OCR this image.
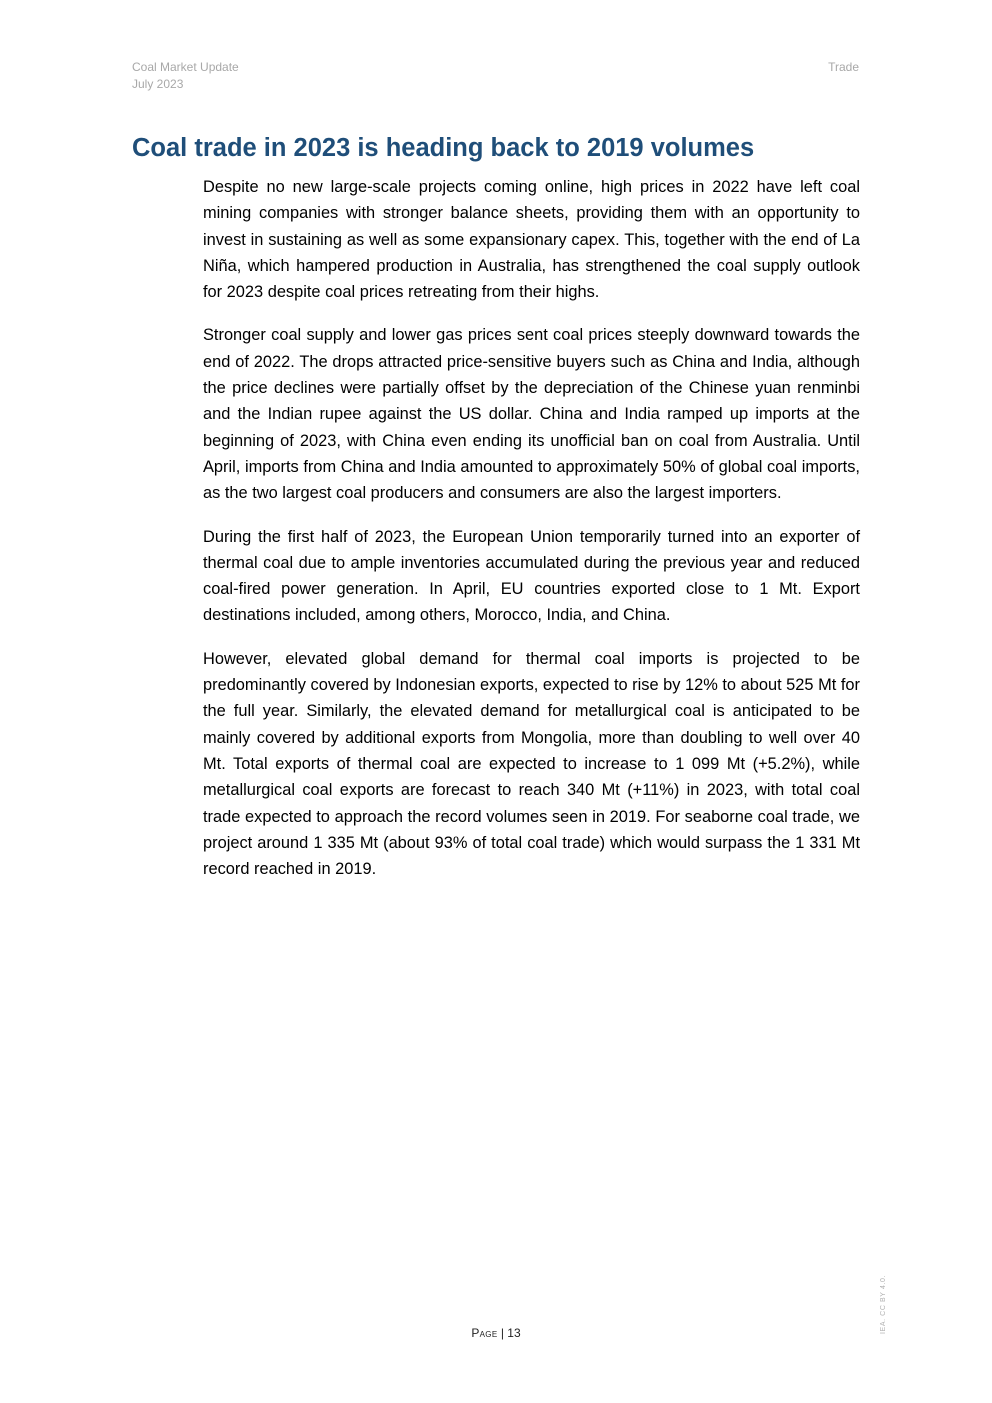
Coal Market Update
July 2023
Trade
Coal trade in 2023 is heading back to 2019 volumes

Despite no new large-scale projects coming online, high prices in 2022 have left coal mining companies with stronger balance sheets, providing them with an opportunity to invest in sustaining as well as some expansionary capex. This, together with the end of La Niña, which hampered production in Australia, has strengthened the coal supply outlook for 2023 despite coal prices retreating from their highs.

Stronger coal supply and lower gas prices sent coal prices steeply downward towards the end of 2022. The drops attracted price-sensitive buyers such as China and India, although the price declines were partially offset by the depreciation of the Chinese yuan renminbi and the Indian rupee against the US dollar. China and India ramped up imports at the beginning of 2023, with China even ending its unofficial ban on coal from Australia. Until April, imports from China and India amounted to approximately 50% of global coal imports, as the two largest coal producers and consumers are also the largest importers.

During the first half of 2023, the European Union temporarily turned into an exporter of thermal coal due to ample inventories accumulated during the previous year and reduced coal-fired power generation. In April, EU countries exported close to 1 Mt. Export destinations included, among others, Morocco, India, and China.

However, elevated global demand for thermal coal imports is projected to be predominantly covered by Indonesian exports, expected to rise by 12% to about 525 Mt for the full year. Similarly, the elevated demand for metallurgical coal is anticipated to be mainly covered by additional exports from Mongolia, more than doubling to well over 40 Mt. Total exports of thermal coal are expected to increase to 1 099 Mt (+5.2%), while metallurgical coal exports are forecast to reach 340 Mt (+11%) in 2023, with total coal trade expected to approach the record volumes seen in 2019. For seaborne coal trade, we project around 1 335 Mt (about 93% of total coal trade) which would surpass the 1 331 Mt record reached in 2019.

Page | 13	IEA. CC BY 4.0.
